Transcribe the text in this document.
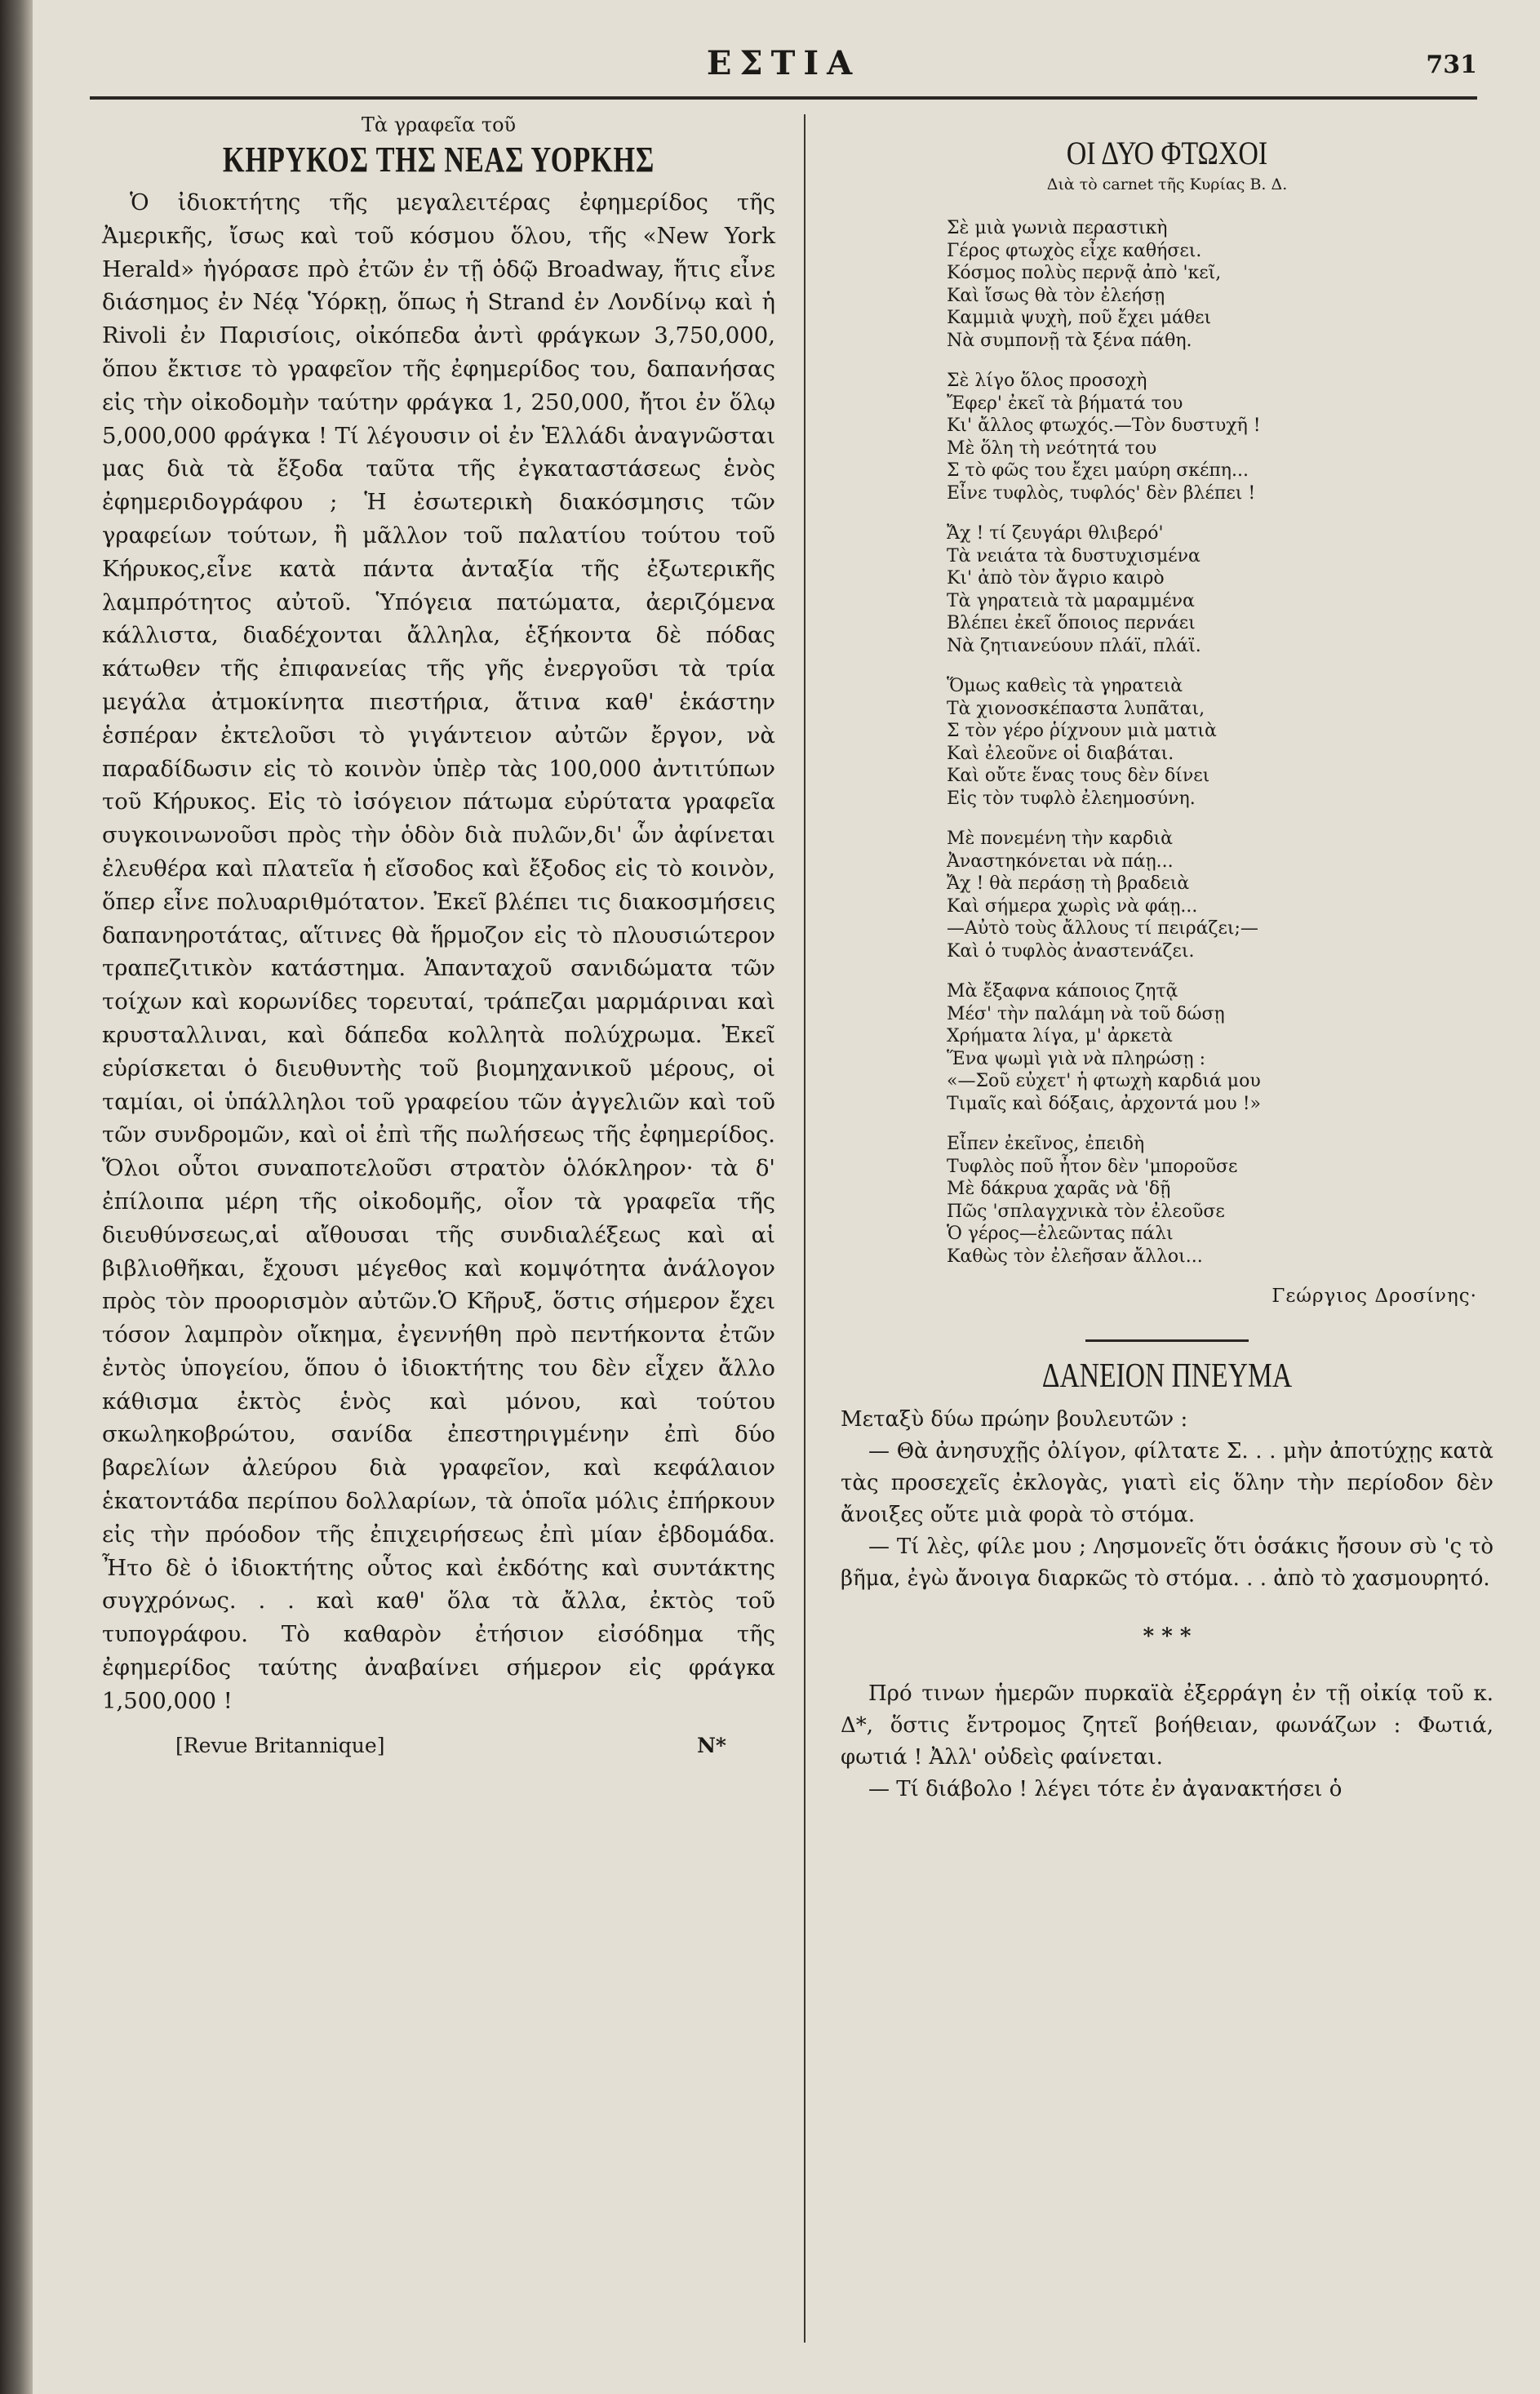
ΕΣΤΙΑ	731
Τὰ γραφεῖα τοῦ
ΚΗΡΥΚΟΣ ΤΗΣ ΝΕΑΣ ΥΟΡΚΗΣ

Ὁ ἰδιοκτήτης τῆς μεγαλειτέρας ἐφημερίδος τῆς Ἀμερικῆς, ἴσως καὶ τοῦ κόσμου ὅλου, τῆς «New York Herald» ἠγόρασε πρὸ ἐτῶν ἐν τῇ ὁδῷ Broadway, ἥτις εἶνε διάσημος ἐν Νέᾳ Ὑόρκῃ, ὅπως ἡ Strand ἐν Λονδίνῳ καὶ ἡ Rivoli ἐν Παρισίοις, οἰκόπεδα ἀντὶ φράγκων 3,750,000, ὅπου ἔκτισε τὸ γραφεῖον τῆς ἐφημερίδος του, δαπανήσας εἰς τὴν οἰκοδομὴν ταύτην φράγκα 1, 250,000, ἤτοι ἐν ὅλῳ 5,000,000 φράγκα ! Τί λέγουσιν οἱ ἐν Ἑλλάδι ἀναγνῶσται μας διὰ τὰ ἔξοδα ταῦτα τῆς ἐγκαταστάσεως ἑνὸς ἐφημεριδογράφου ; Ἡ ἐσωτερικὴ διακόσμησις τῶν γραφείων τούτων, ἢ μᾶλλον τοῦ παλατίου τούτου τοῦ Κήρυκος,εἶνε κατὰ πάντα ἀνταξία τῆς ἐξωτερικῆς λαμπρότητος αὐτοῦ. Ὑπόγεια πατώματα, ἀεριζόμενα κάλλιστα, διαδέχονται ἄλληλα, ἑξήκοντα δὲ πόδας κάτωθεν τῆς ἐπιφανείας τῆς γῆς ἐνεργοῦσι τὰ τρία μεγάλα ἀτμοκίνητα πιεστήρια, ἅτινα καθ' ἑκάστην ἑσπέραν ἐκτελοῦσι τὸ γιγάντειον αὐτῶν ἔργον, νὰ παραδίδωσιν εἰς τὸ κοινὸν ὑπὲρ τὰς 100,000 ἀντιτύπων τοῦ Κήρυκος. Εἰς τὸ ἰσόγειον πάτωμα εὐρύτατα γραφεῖα συγκοινωνοῦσι πρὸς τὴν ὁδὸν διὰ πυλῶν,δι' ὧν ἀφίνεται ἐλευθέρα καὶ πλατεῖα ἡ εἴσοδος καὶ ἔξοδος εἰς τὸ κοινὸν, ὅπερ εἶνε πολυαριθμότατον. Ἐκεῖ βλέπει τις διακοσμήσεις δαπανηροτάτας, αἵτινες θὰ ἥρμοζον εἰς τὸ πλουσιώτερον τραπεζιτικὸν κατάστημα. Ἁπανταχοῦ σανιδώματα τῶν τοίχων καὶ κορωνίδες τορευταί, τράπεζαι μαρμάριναι καὶ κρυσταλλιναι, καὶ δάπεδα κολλητὰ πολύχρωμα. Ἐκεῖ εὑρίσκεται ὁ διευθυντὴς τοῦ βιομηχανικοῦ μέρους, οἱ ταμίαι, οἱ ὑπάλληλοι τοῦ γραφείου τῶν ἀγγελιῶν καὶ τοῦ τῶν συνδρομῶν, καὶ οἱ ἐπὶ τῆς πωλήσεως τῆς ἐφημερίδος. Ὅλοι οὗτοι συναποτελοῦσι στρατὸν ὁλόκληρον· τὰ δ' ἐπίλοιπα μέρη τῆς οἰκοδομῆς, οἷον τὰ γραφεῖα τῆς διευθύνσεως,αἱ αἴθουσαι τῆς συνδιαλέξεως καὶ αἱ βιβλιοθῆκαι, ἔχουσι μέγεθος καὶ κομψότητα ἀνάλογον πρὸς τὸν προορισμὸν αὐτῶν.Ὁ Κῆρυξ, ὅστις σήμερον ἔχει τόσον λαμπρὸν οἴκημα, ἐγεννήθη πρὸ πεντήκοντα ἐτῶν ἐντὸς ὑπογείου, ὅπου ὁ ἰδιοκτήτης του δὲν εἶχεν ἄλλο κάθισμα ἐκτὸς ἑνὸς καὶ μόνου, καὶ τούτου σκωληκοβρώτου, σανίδα ἐπεστηριγμένην ἐπὶ δύο βαρελίων ἀλεύρου διὰ γραφεῖον, καὶ κεφάλαιον ἑκατοντάδα περίπου δολλαρίων, τὰ ὁποῖα μόλις ἐπήρκουν εἰς τὴν πρόοδον τῆς ἐπιχειρήσεως ἐπὶ μίαν ἑβδομάδα. Ἦτο δὲ ὁ ἰδιοκτήτης οὗτος καὶ ἐκδότης καὶ συντάκτης συγχρόνως. . . καὶ καθ' ὅλα τὰ ἄλλα, ἐκτὸς τοῦ τυπογράφου. Τὸ καθαρὸν ἐτήσιον εἰσόδημα τῆς ἐφημερίδος ταύτης ἀναβαίνει σήμερον εἰς φράγκα 1,500,000 !

[Revue Britannique]	Ν*
ΟΙ ΔΥΟ ΦΤΩΧΟΙ
Διὰ τὸ carnet τῆς Κυρίας Β. Δ.
Σὲ μιὰ γωνιὰ περαστικὴ
Γέρος φτωχὸς εἶχε καθήσει.
Κόσμος πολὺς περνᾷ ἀπὸ 'κεῖ,
Καὶ ἴσως θὰ τὸν ἐλεήσῃ
Καμμιὰ ψυχὴ, ποῦ ἔχει μάθει
Νὰ συμπονῇ τὰ ξένα πάθη.
Σὲ λίγο ὅλος προσοχὴ
Ἔφερ' ἐκεῖ τὰ βήματά του
Κι' ἄλλος φτωχός.—Τὸν δυστυχῆ !
Μὲ ὅλη τὴ νεότητά του
Σ τὸ φῶς του ἔχει μαύρη σκέπη...
Εἶνε τυφλὸς, τυφλός' δὲν βλέπει !
Ἄχ ! τί ζευγάρι θλιβερό'
Τὰ νειάτα τὰ δυστυχισμένα
Κι' ἀπὸ τὸν ἄγριο καιρὸ
Τὰ γηρατειὰ τὰ μαραμμένα
Βλέπει ἐκεῖ ὅποιος περνάει
Νὰ ζητιανεύουν πλάϊ, πλάϊ.
Ὅμως καθεὶς τὰ γηρατειὰ
Τὰ χιονοσκέπαστα λυπᾶται,
Σ τὸν γέρο ῥίχνουν μιὰ ματιὰ
Καὶ ἐλεοῦνε οἱ διαβάται.
Καὶ οὔτε ἕνας τους δὲν δίνει
Εἰς τὸν τυφλὸ ἐλεημοσύνη.
Μὲ πονεμένη τὴν καρδιὰ
Ἀναστηκόνεται νὰ πάῃ...
Ἄχ ! θὰ περάσῃ τὴ βραδειὰ
Καὶ σήμερα χωρὶς νὰ φάῃ...
—Αὐτὸ τοὺς ἄλλους τί πειράζει;—
Καὶ ὁ τυφλὸς ἀναστενάζει.
Μὰ ἔξαφνα κάποιος ζητᾷ
Μέσ' τὴν παλάμη νὰ τοῦ δώσῃ
Χρήματα λίγα, μ' ἀρκετὰ
Ἕνα ψωμὶ γιὰ νὰ πληρώσῃ :
«—Σοῦ εὐχετ' ἡ φτωχὴ καρδιά μου
Τιμαῖς καὶ δόξαις, ἀρχοντά μου !»
Εἶπεν ἐκεῖνος, ἐπειδὴ
Τυφλὸς ποῦ ἦτον δὲν 'μποροῦσε
Μὲ δάκρυα χαρᾶς νὰ 'δῇ
Πῶς 'σπλαγχνικὰ τὸν ἐλεοῦσε
Ὁ γέρος—ἐλεῶντας πάλι
Καθὼς τὸν ἐλεῆσαν ἄλλοι...
Γεώργιος Δροσίνης·
ΔΑΝΕΙΟΝ ΠΝΕΥΜΑ

Μεταξὺ δύω πρώην βουλευτῶν :

— Θὰ ἀνησυχῇς ὀλίγον, φίλτατε Σ. . . μὴν ἀποτύχῃς κατὰ τὰς προσεχεῖς ἐκλογὰς, γιατὶ εἰς ὅλην τὴν περίοδον δὲν ἄνοιξες οὔτε μιὰ φορὰ τὸ στόμα.

— Τί λὲς, φίλε μου ; Λησμονεῖς ὅτι ὁσάκις ἤσουν σὺ 'ς τὸ βῆμα, ἐγὼ ἄνοιγα διαρκῶς τὸ στόμα. . . ἀπὸ τὸ χασμουρητό.

* * *

Πρό τινων ἡμερῶν πυρκαϊὰ ἐξερράγη ἐν τῇ οἰκίᾳ τοῦ κ. Δ*, ὅστις ἔντρομος ζητεῖ βοήθειαν, φωνάζων : Φωτιά, φωτιά ! Ἀλλ' οὐδεὶς φαίνεται.

— Τί διάβολο ! λέγει τότε ἐν ἀγανακτήσει ὁ
